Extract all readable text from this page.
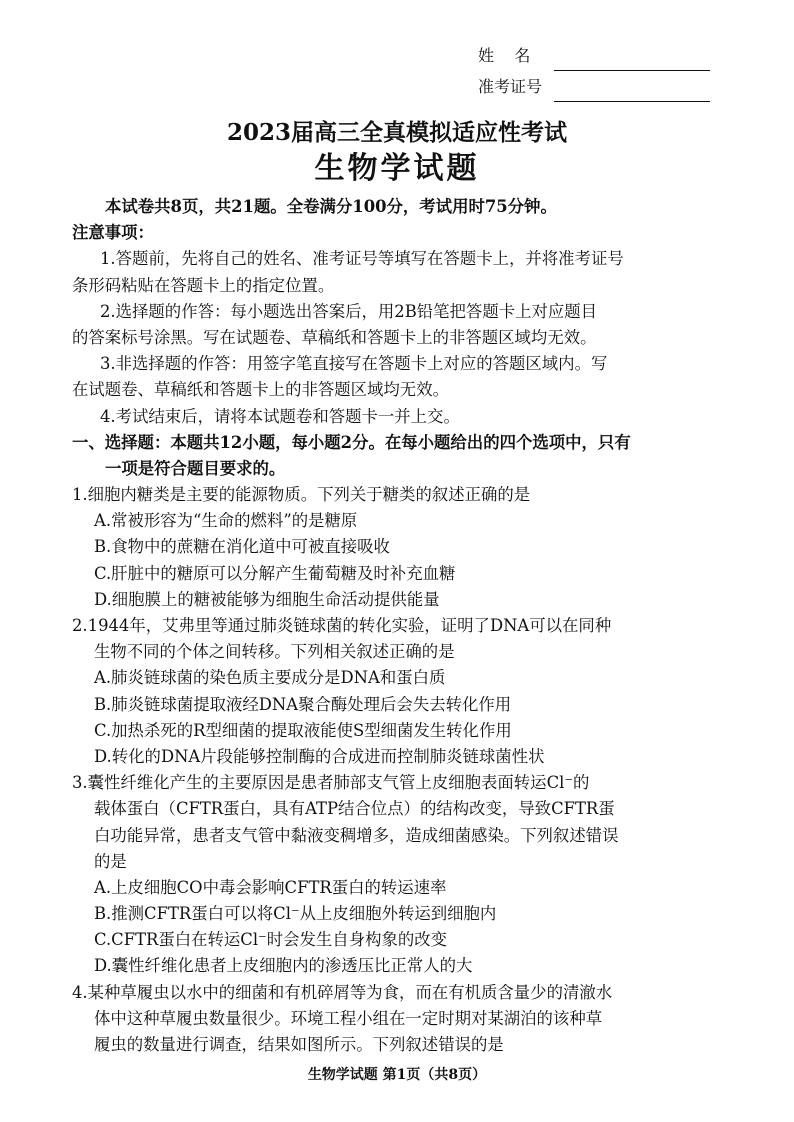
姓    名
准考证号
2023届高三全真模拟适应性考试
生物学试题
本试卷共8页，共21题。全卷满分100分，考试用时75分钟。
注意事项：
1.答题前，先将自己的姓名、准考证号等填写在答题卡上，并将准考证号
条形码粘贴在答题卡上的指定位置。
2.选择题的作答：每小题选出答案后，用2B铅笔把答题卡上对应题目
的答案标号涂黑。写在试题卷、草稿纸和答题卡上的非答题区域均无效。
3.非选择题的作答：用签字笔直接写在答题卡上对应的答题区域内。写
在试题卷、草稿纸和答题卡上的非答题区域均无效。
4.考试结束后，请将本试题卷和答题卡一并上交。
一、选择题：本题共12小题，每小题2分。在每小题给出的四个选项中，只有
一项是符合题目要求的。
1.细胞内糖类是主要的能源物质。下列关于糖类的叙述正确的是
A.常被形容为“生命的燃料”的是糖原
B.食物中的蔗糖在消化道中可被直接吸收
C.肝脏中的糖原可以分解产生葡萄糖及时补充血糖
D.细胞膜上的糖被能够为细胞生命活动提供能量
2.1944年，艾弗里等通过肺炎链球菌的转化实验，证明了DNA可以在同种
生物不同的个体之间转移。下列相关叙述正确的是
A.肺炎链球菌的染色质主要成分是DNA和蛋白质
B.肺炎链球菌提取液经DNA聚合酶处理后会失去转化作用
C.加热杀死的R型细菌的提取液能使S型细菌发生转化作用
D.转化的DNA片段能够控制酶的合成进而控制肺炎链球菌性状
3.囊性纤维化产生的主要原因是患者肺部支气管上皮细胞表面转运Cl⁻的
载体蛋白（CFTR蛋白，具有ATP结合位点）的结构改变，导致CFTR蛋
白功能异常，患者支气管中黏液变稠增多，造成细菌感染。下列叙述错误
的是
A.上皮细胞CO中毒会影响CFTR蛋白的转运速率
B.推测CFTR蛋白可以将Cl⁻从上皮细胞外转运到细胞内
C.CFTR蛋白在转运Cl⁻时会发生自身构象的改变
D.囊性纤维化患者上皮细胞内的渗透压比正常人的大
4.某种草履虫以水中的细菌和有机碎屑等为食，而在有机质含量少的清澈水
体中这种草履虫数量很少。环境工程小组在一定时期对某湖泊的该种草
履虫的数量进行调查，结果如图所示。下列叙述错误的是
生物学试题 第1页（共8页）
